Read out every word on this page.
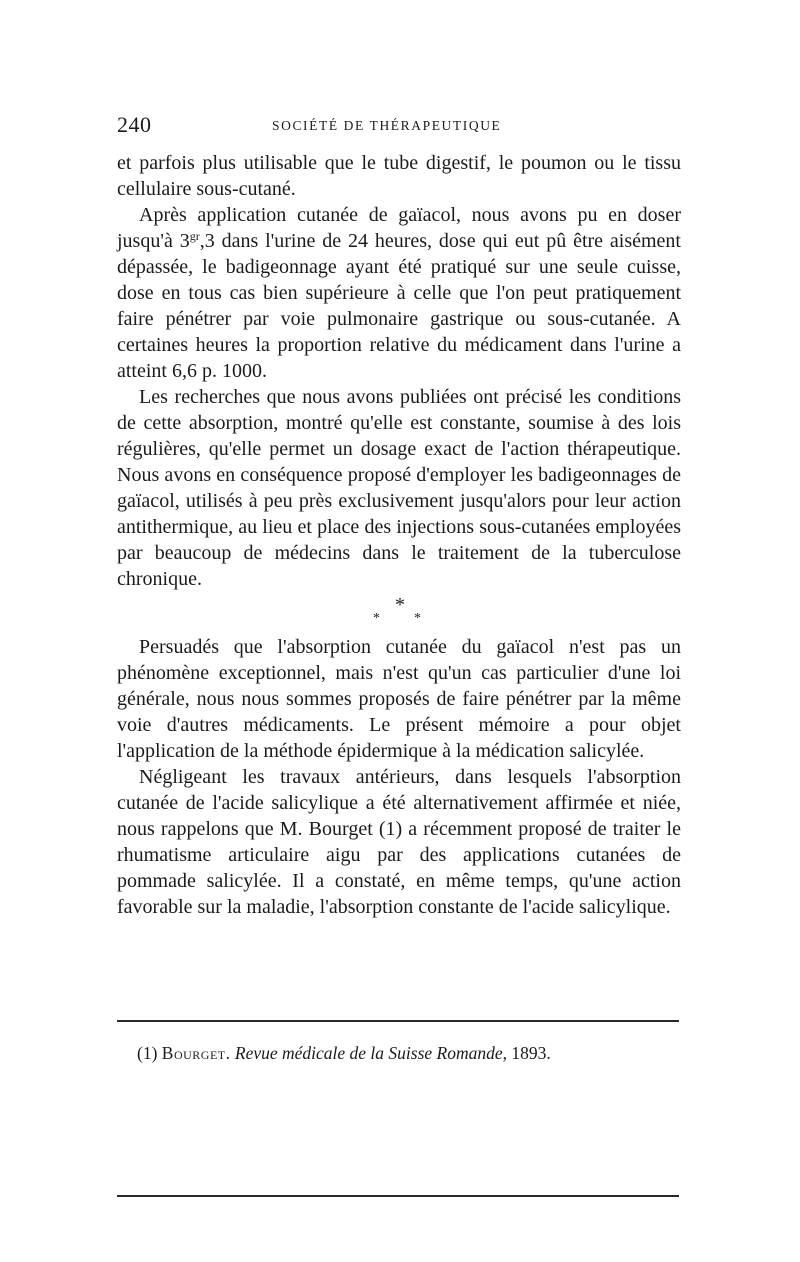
240	SOCIÉTÉ DE THÉRAPEUTIQUE

et parfois plus utilisable que le tube digestif, le poumon ou le tissu cellulaire sous-cutané.

Après application cutanée de gaïacol, nous avons pu en doser jusqu'à $3^{gr},3$ dans l'urine de 24 heures, dose qui eut pû être aisément dépassée, le badigeonnage ayant été pratiqué sur une seule cuisse, dose en tous cas bien supérieure à celle que l'on peut pratiquement faire pénétrer par voie pulmonaire gastrique ou sous-cutanée. A certaines heures la proportion relative du médicament dans l'urine a atteint 6,6 p. 1000.

Les recherches que nous avons publiées ont précisé les conditions de cette absorption, montré qu'elle est constante, soumise à des lois régulières, qu'elle permet un dosage exact de l'action thérapeutique. Nous avons en conséquence proposé d'employer les badigeonnages de gaïacol, utilisés à peu près exclusivement jusqu'alors pour leur action antithermique, au lieu et place des injections sous-cutanées employées par beaucoup de médecins dans le traitement de la tuberculose chronique.

*
* *

Persuadés que l'absorption cutanée du gaïacol n'est pas un phénomène exceptionnel, mais n'est qu'un cas particulier d'une loi générale, nous nous sommes proposés de faire pénétrer par la même voie d'autres médicaments. Le présent mémoire a pour objet l'application de la méthode épidermique à la médication salicylée.

Négligeant les travaux antérieurs, dans lesquels l'absorption cutanée de l'acide salicylique a été alternativement affirmée et niée, nous rappelons que M. Bourget (1) a récemment proposé de traiter le rhumatisme articulaire aigu par des applications cutanées de pommade salicylée. Il a constaté, en même temps, qu'une action favorable sur la maladie, l'absorption constante de l'acide salicylique.

(1) Bourget. Revue médicale de la Suisse Romande, 1893.
